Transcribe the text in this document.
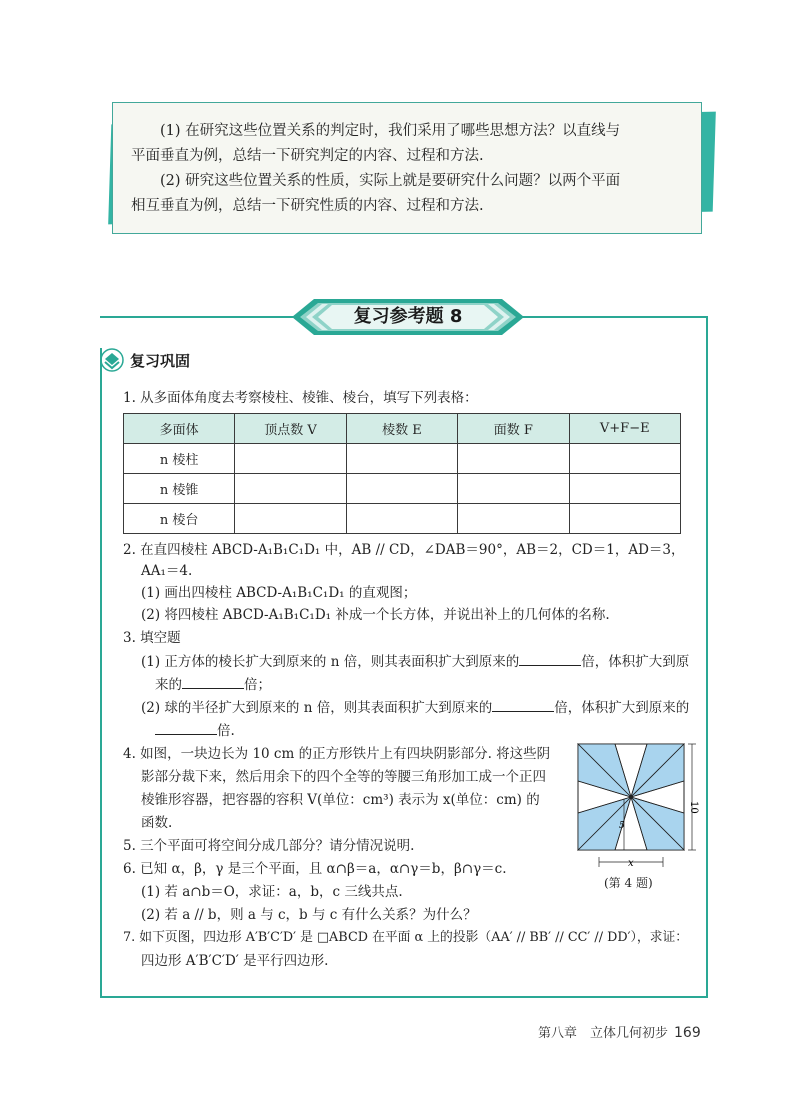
(1) 在研究这些位置关系的判定时，我们采用了哪些思想方法？以直线与

平面垂直为例，总结一下研究判定的内容、过程和方法.

(2) 研究这些位置关系的性质，实际上就是要研究什么问题？以两个平面

相互垂直为例，总结一下研究性质的内容、过程和方法.

复习参考题 8
复习巩固
1. 从多面体角度去考察棱柱、棱锥、棱台，填写下列表格：
多面体	顶点数 V	棱数 E	面数 F	V+F−E
n 棱柱				
n 棱锥				
n 棱台				
2. 在直四棱柱 ABCD-A₁B₁C₁D₁ 中，AB // CD，∠DAB＝90°，AB＝2，CD＝1，AD＝3，
AA₁＝4.
(1) 画出四棱柱 ABCD-A₁B₁C₁D₁ 的直观图；
(2) 将四棱柱 ABCD-A₁B₁C₁D₁ 补成一个长方体，并说出补上的几何体的名称.
3. 填空题
(1) 正方体的棱长扩大到原来的 n 倍，则其表面积扩大到原来的	倍，体积扩大到原
来的	倍；
(2) 球的半径扩大到原来的 n 倍，则其表面积扩大到原来的	倍，体积扩大到原来的
倍.
4. 如图，一块边长为 10 cm 的正方形铁片上有四块阴影部分. 将这些阴
影部分裁下来，然后用余下的四个全等的等腰三角形加工成一个正四
棱锥形容器，把容器的容积 V(单位：cm³) 表示为 x(单位：cm) 的
函数.
10
5
x
(第 4 题)
5. 三个平面可将空间分成几部分？请分情况说明.
6. 已知 α，β，γ 是三个平面，且 α∩β＝a，α∩γ＝b，β∩γ＝c.
(1) 若 a∩b＝O，求证：a，b，c 三线共点.
(2) 若 a // b，则 a 与 c，b 与 c 有什么关系？为什么？
7. 如下页图，四边形 A′B′C′D′ 是 □ABCD 在平面 α 上的投影（AA′ // BB′ // CC′ // DD′），求证：
四边形 A′B′C′D′ 是平行四边形.
第八章　立体几何初步 169
